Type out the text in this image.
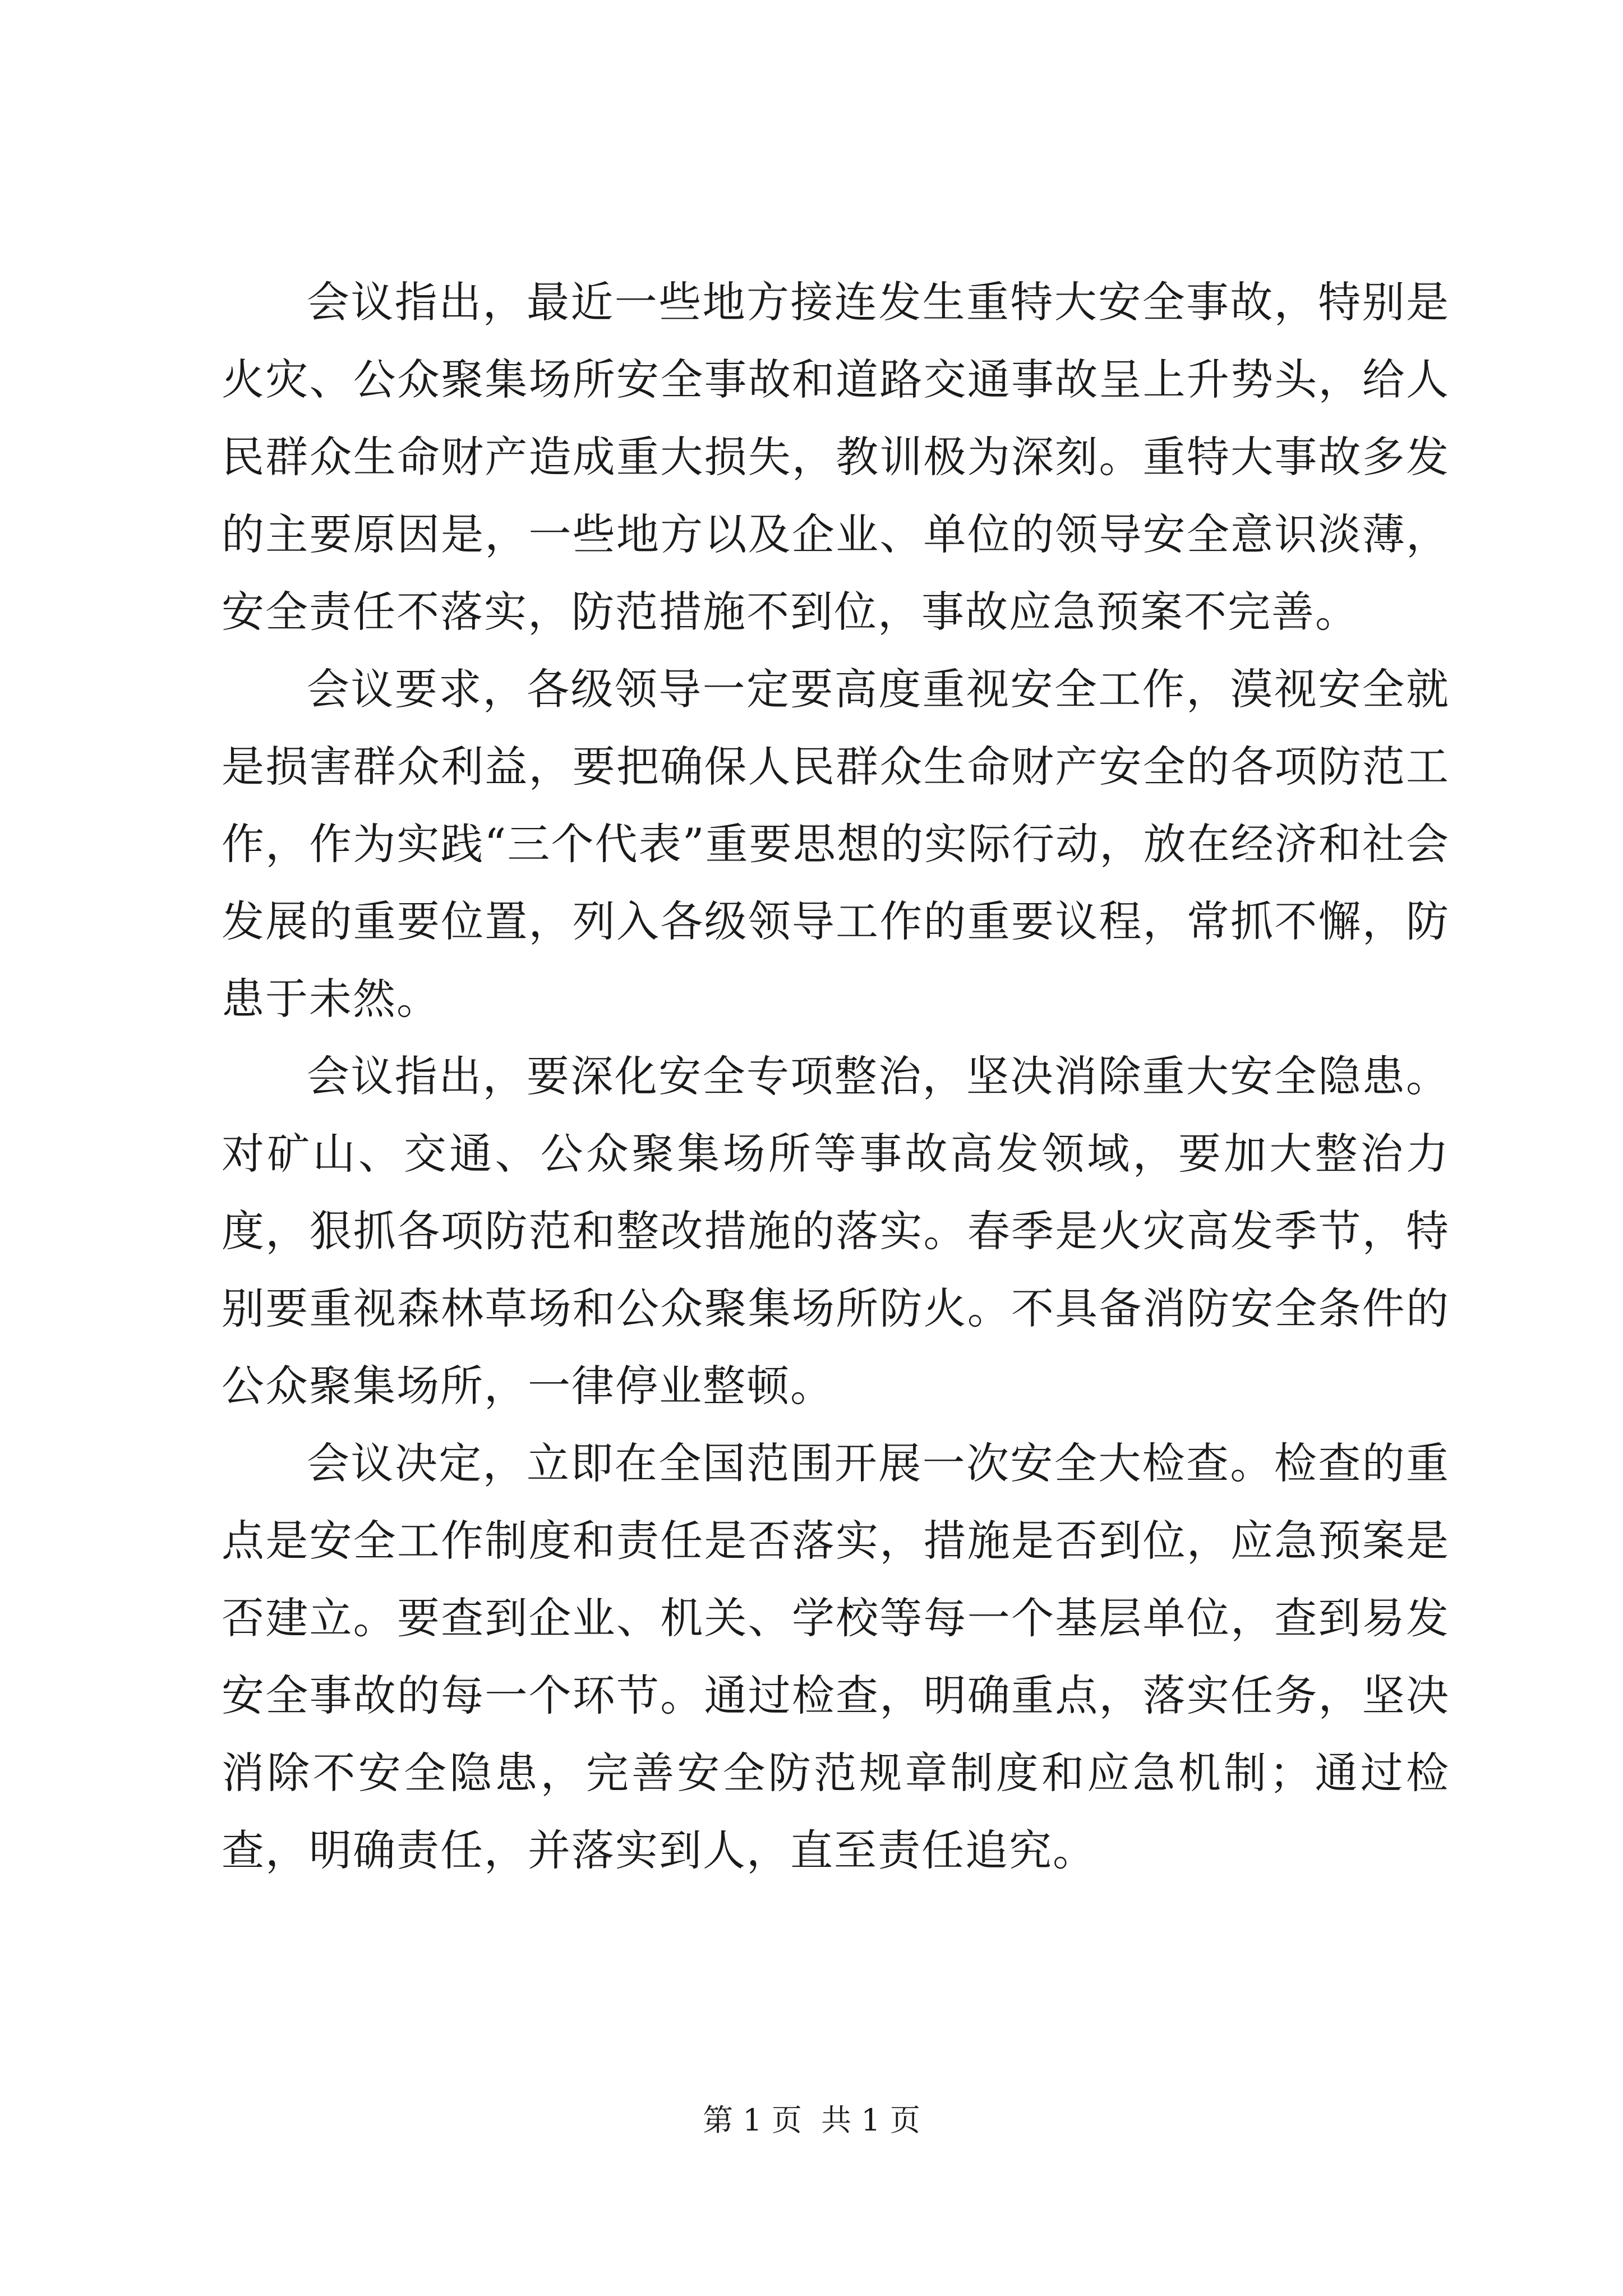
会议指出，最近一些地方接连发生重特大安全事故，特别是火灾、公众聚集场所安全事故和道路交通事故呈上升势头，给人民群众生命财产造成重大损失，教训极为深刻。重特大事故多发的主要原因是，一些地方以及企业、单位的领导安全意识淡薄，安全责任不落实，防范措施不到位，事故应急预案不完善。

会议要求，各级领导一定要高度重视安全工作，漠视安全就是损害群众利益，要把确保人民群众生命财产安全的各项防范工作，作为实践“三个代表”重要思想的实际行动，放在经济和社会发展的重要位置，列入各级领导工作的重要议程，常抓不懈，防患于未然。

会议指出，要深化安全专项整治，坚决消除重大安全隐患。对矿山、交通、公众聚集场所等事故高发领域，要加大整治力度，狠抓各项防范和整改措施的落实。春季是火灾高发季节，特别要重视森林草场和公众聚集场所防火。不具备消防安全条件的公众聚集场所，一律停业整顿。

会议决定，立即在全国范围开展一次安全大检查。检查的重点是安全工作制度和责任是否落实，措施是否到位，应急预案是否建立。要查到企业、机关、学校等每一个基层单位，查到易发安全事故的每一个环节。通过检查，明确重点，落实任务，坚决消除不安全隐患，完善安全防范规章制度和应急机制；通过检查，明确责任，并落实到人，直至责任追究。

第 1 页  共 1 页
